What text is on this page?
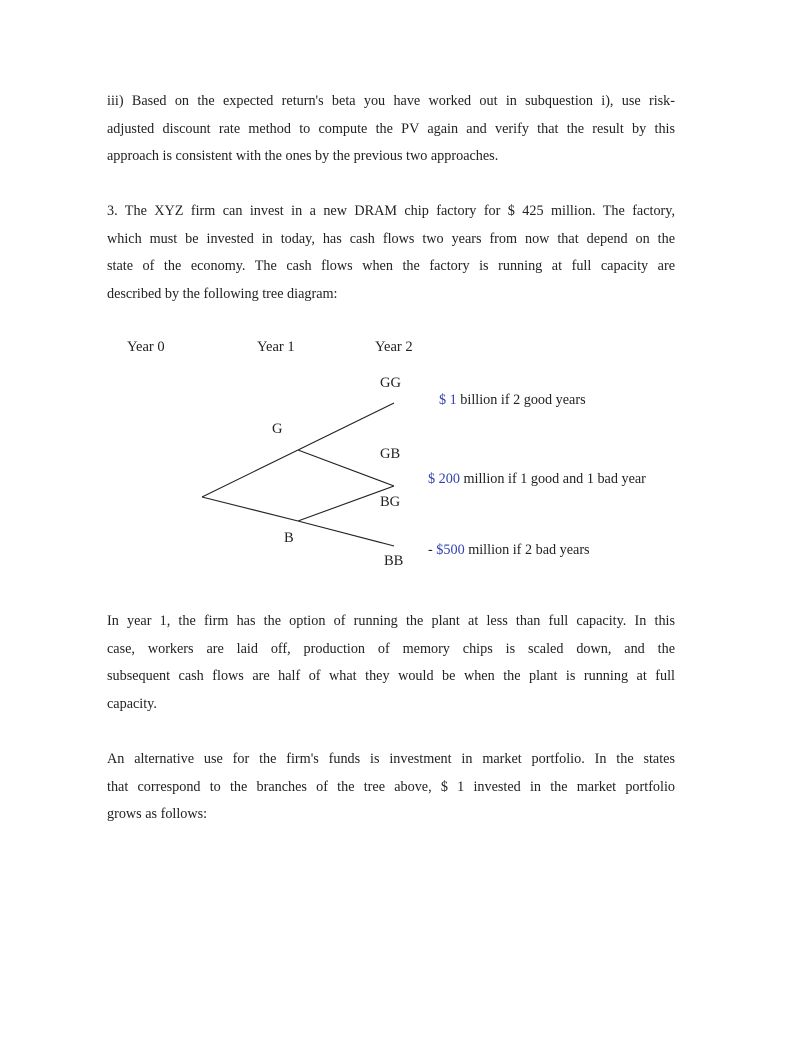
iii) Based on the expected return's beta you have worked out in subquestion i), use risk-
adjusted discount rate method to compute the PV again and verify that the result by this
approach is consistent with the ones by the previous two approaches.
3. The XYZ firm can invest in a new DRAM chip factory for $ 425 million. The factory,
which must be invested in today, has cash flows two years from now that depend on the
state of the economy. The cash flows when the factory is running at full capacity are
described by the following tree diagram:
Year 0	Year 1	Year 2
GG
G
GB
BG
B
BB
$ 1 billion if 2 good years
$ 200 million if 1 good and 1 bad year
- $500 million if 2 bad years
In year 1, the firm has the option of running the plant at less than full capacity. In this
case, workers are laid off, production of memory chips is scaled down, and the
subsequent cash flows are half of what they would be when the plant is running at full
capacity.
An alternative use for the firm's funds is investment in market portfolio. In the states
that correspond to the branches of the tree above, $ 1 invested in the market portfolio
grows as follows:
